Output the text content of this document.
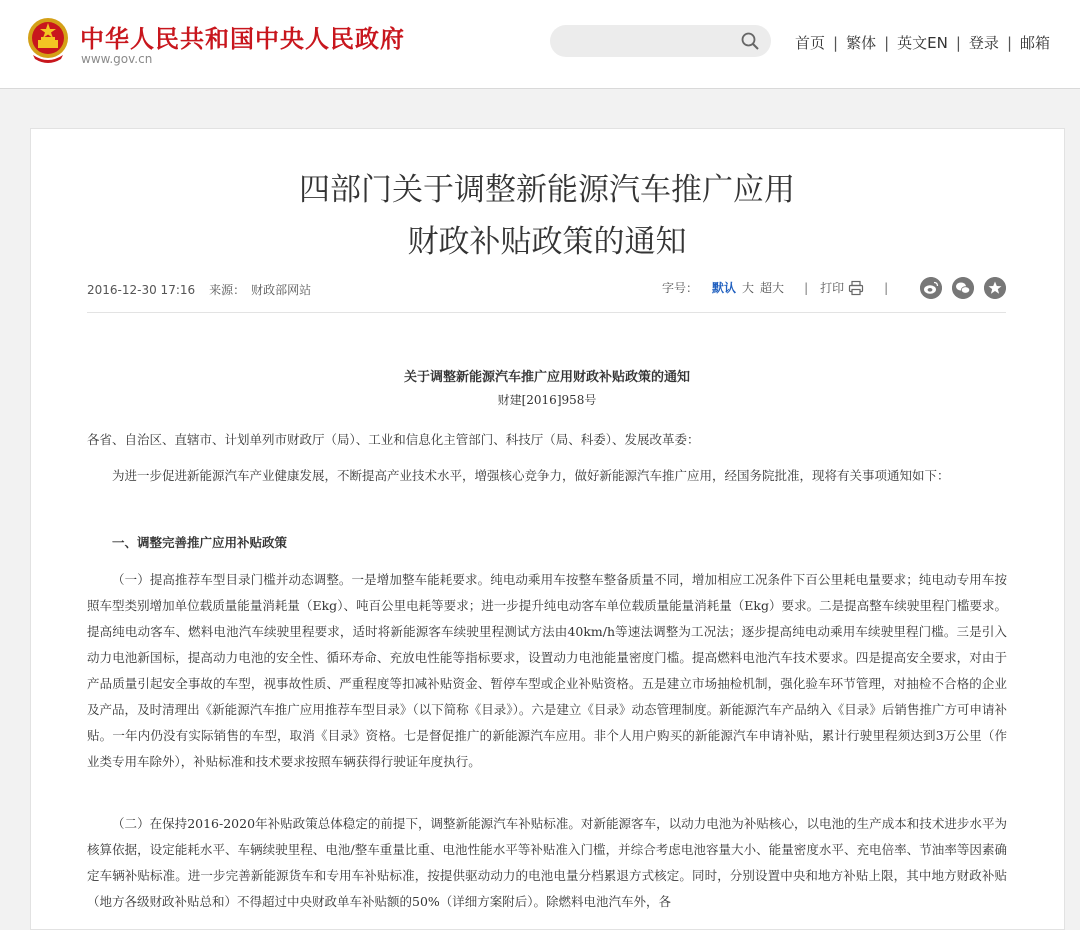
中华人民共和国中央人民政府
www.gov.cn
首页 | 繁体 | 英文EN | 登录 | 邮箱
四部门关于调整新能源汽车推广应用
财政补贴政策的通知
2016-12-30 17:16 来源： 财政部网站	字号： 默认 大 超大 | 打印	|
关于调整新能源汽车推广应用财政补贴政策的通知
财建[2016]958号

各省、自治区、直辖市、计划单列市财政厅（局）、工业和信息化主管部门、科技厅（局、科委）、发展改革委：

为进一步促进新能源汽车产业健康发展，不断提高产业技术水平，增强核心竞争力，做好新能源汽车推广应用，经国务院批准，现将有关事项通知如下：

一、调整完善推广应用补贴政策

（一）提高推荐车型目录门槛并动态调整。一是增加整车能耗要求。纯电动乘用车按整车整备质量不同，增加相应工况条件下百公里耗电量要求；纯电动专用车按照车型类别增加单位载质量能量消耗量（Ekg）、吨百公里电耗等要求；进一步提升纯电动客车单位载质量能量消耗量（Ekg）要求。二是提高整车续驶里程门槛要求。提高纯电动客车、燃料电池汽车续驶里程要求，适时将新能源客车续驶里程测试方法由40km/h等速法调整为工况法；逐步提高纯电动乘用车续驶里程门槛。三是引入动力电池新国标，提高动力电池的安全性、循环寿命、充放电性能等指标要求，设置动力电池能量密度门槛。提高燃料电池汽车技术要求。四是提高安全要求，对由于产品质量引起安全事故的车型，视事故性质、严重程度等扣减补贴资金、暂停车型或企业补贴资格。五是建立市场抽检机制，强化验车环节管理，对抽检不合格的企业及产品，及时清理出《新能源汽车推广应用推荐车型目录》（以下简称《目录》）。六是建立《目录》动态管理制度。新能源汽车产品纳入《目录》后销售推广方可申请补贴。一年内仍没有实际销售的车型，取消《目录》资格。七是督促推广的新能源汽车应用。非个人用户购买的新能源汽车申请补贴，累计行驶里程须达到3万公里（作业类专用车除外），补贴标准和技术要求按照车辆获得行驶证年度执行。

（二）在保持2016-2020年补贴政策总体稳定的前提下，调整新能源汽车补贴标准。对新能源客车，以动力电池为补贴核心，以电池的生产成本和技术进步水平为核算依据，设定能耗水平、车辆续驶里程、电池/整车重量比重、电池性能水平等补贴准入门槛，并综合考虑电池容量大小、能量密度水平、充电倍率、节油率等因素确定车辆补贴标准。进一步完善新能源货车和专用车补贴标准，按提供驱动动力的电池电量分档累退方式核定。同时，分别设置中央和地方补贴上限，其中地方财政补贴（地方各级财政补贴总和）不得超过中央财政单车补贴额的50%（详细方案附后）。除燃料电池汽车外，各
